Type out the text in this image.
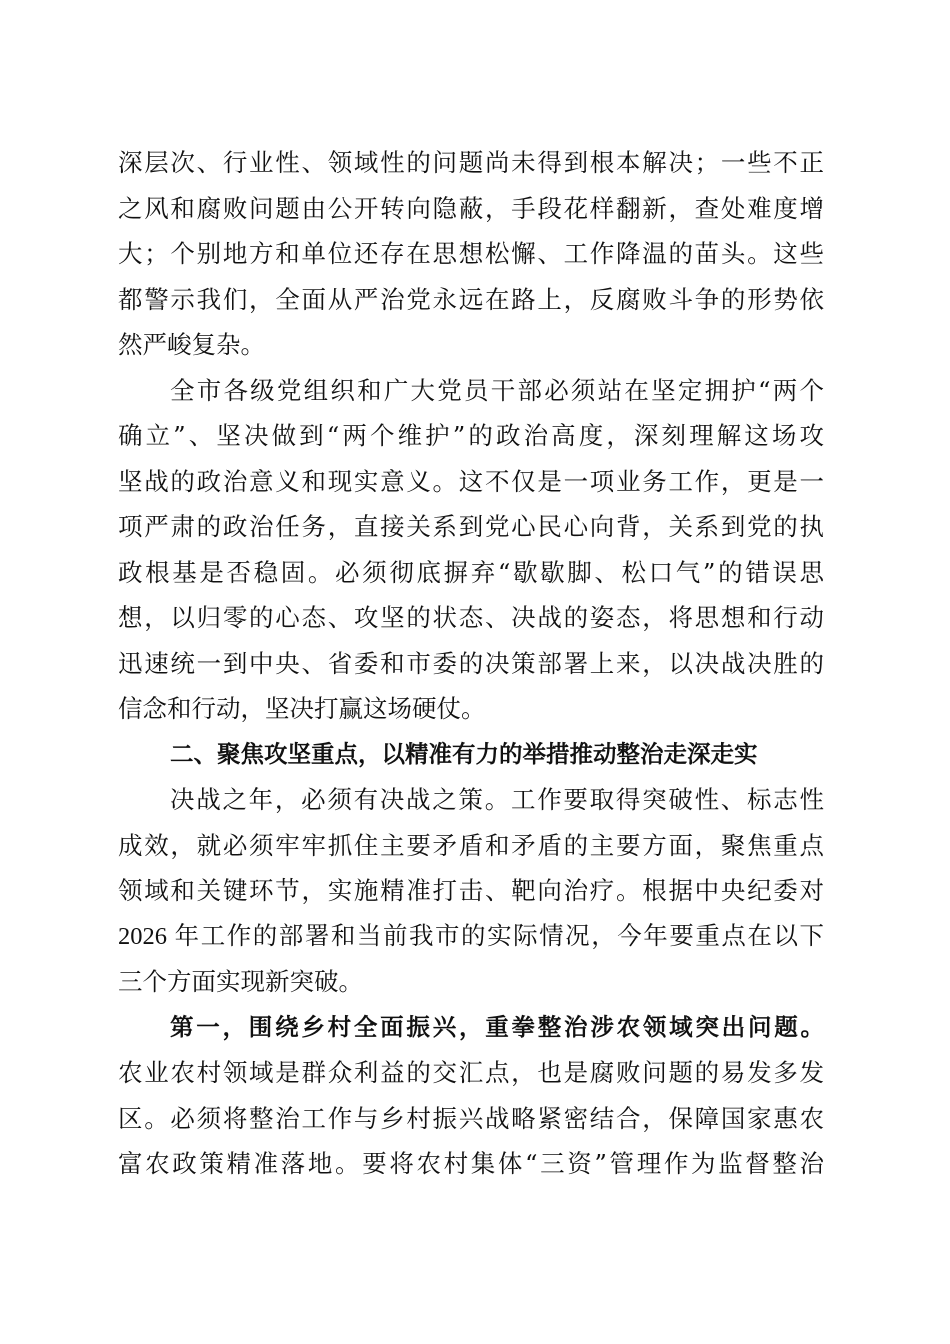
深层次、行业性、领域性的问题尚未得到根本解决；一些不正
之风和腐败问题由公开转向隐蔽，手段花样翻新，查处难度增
大；个别地方和单位还存在思想松懈、工作降温的苗头。这些
都警示我们，全面从严治党永远在路上，反腐败斗争的形势依
然严峻复杂。
全市各级党组织和广大党员干部必须站在坚定拥护“两个
确立”、坚决做到“两个维护”的政治高度，深刻理解这场攻
坚战的政治意义和现实意义。这不仅是一项业务工作，更是一
项严肃的政治任务，直接关系到党心民心向背，关系到党的执
政根基是否稳固。必须彻底摒弃“歇歇脚、松口气”的错误思
想，以归零的心态、攻坚的状态、决战的姿态，将思想和行动
迅速统一到中央、省委和市委的决策部署上来，以决战决胜的
信念和行动，坚决打赢这场硬仗。
二、聚焦攻坚重点，以精准有力的举措推动整治走深走实
决战之年，必须有决战之策。工作要取得突破性、标志性
成效，就必须牢牢抓住主要矛盾和矛盾的主要方面，聚焦重点
领域和关键环节，实施精准打击、靶向治疗。根据中央纪委对
2026 年工作的部署和当前我市的实际情况，今年要重点在以下
三个方面实现新突破。
第一，围绕乡村全面振兴，重拳整治涉农领域突出问题。
农业农村领域是群众利益的交汇点，也是腐败问题的易发多发
区。必须将整治工作与乡村振兴战略紧密结合，保障国家惠农
富农政策精准落地。要将农村集体“三资”管理作为监督整治
